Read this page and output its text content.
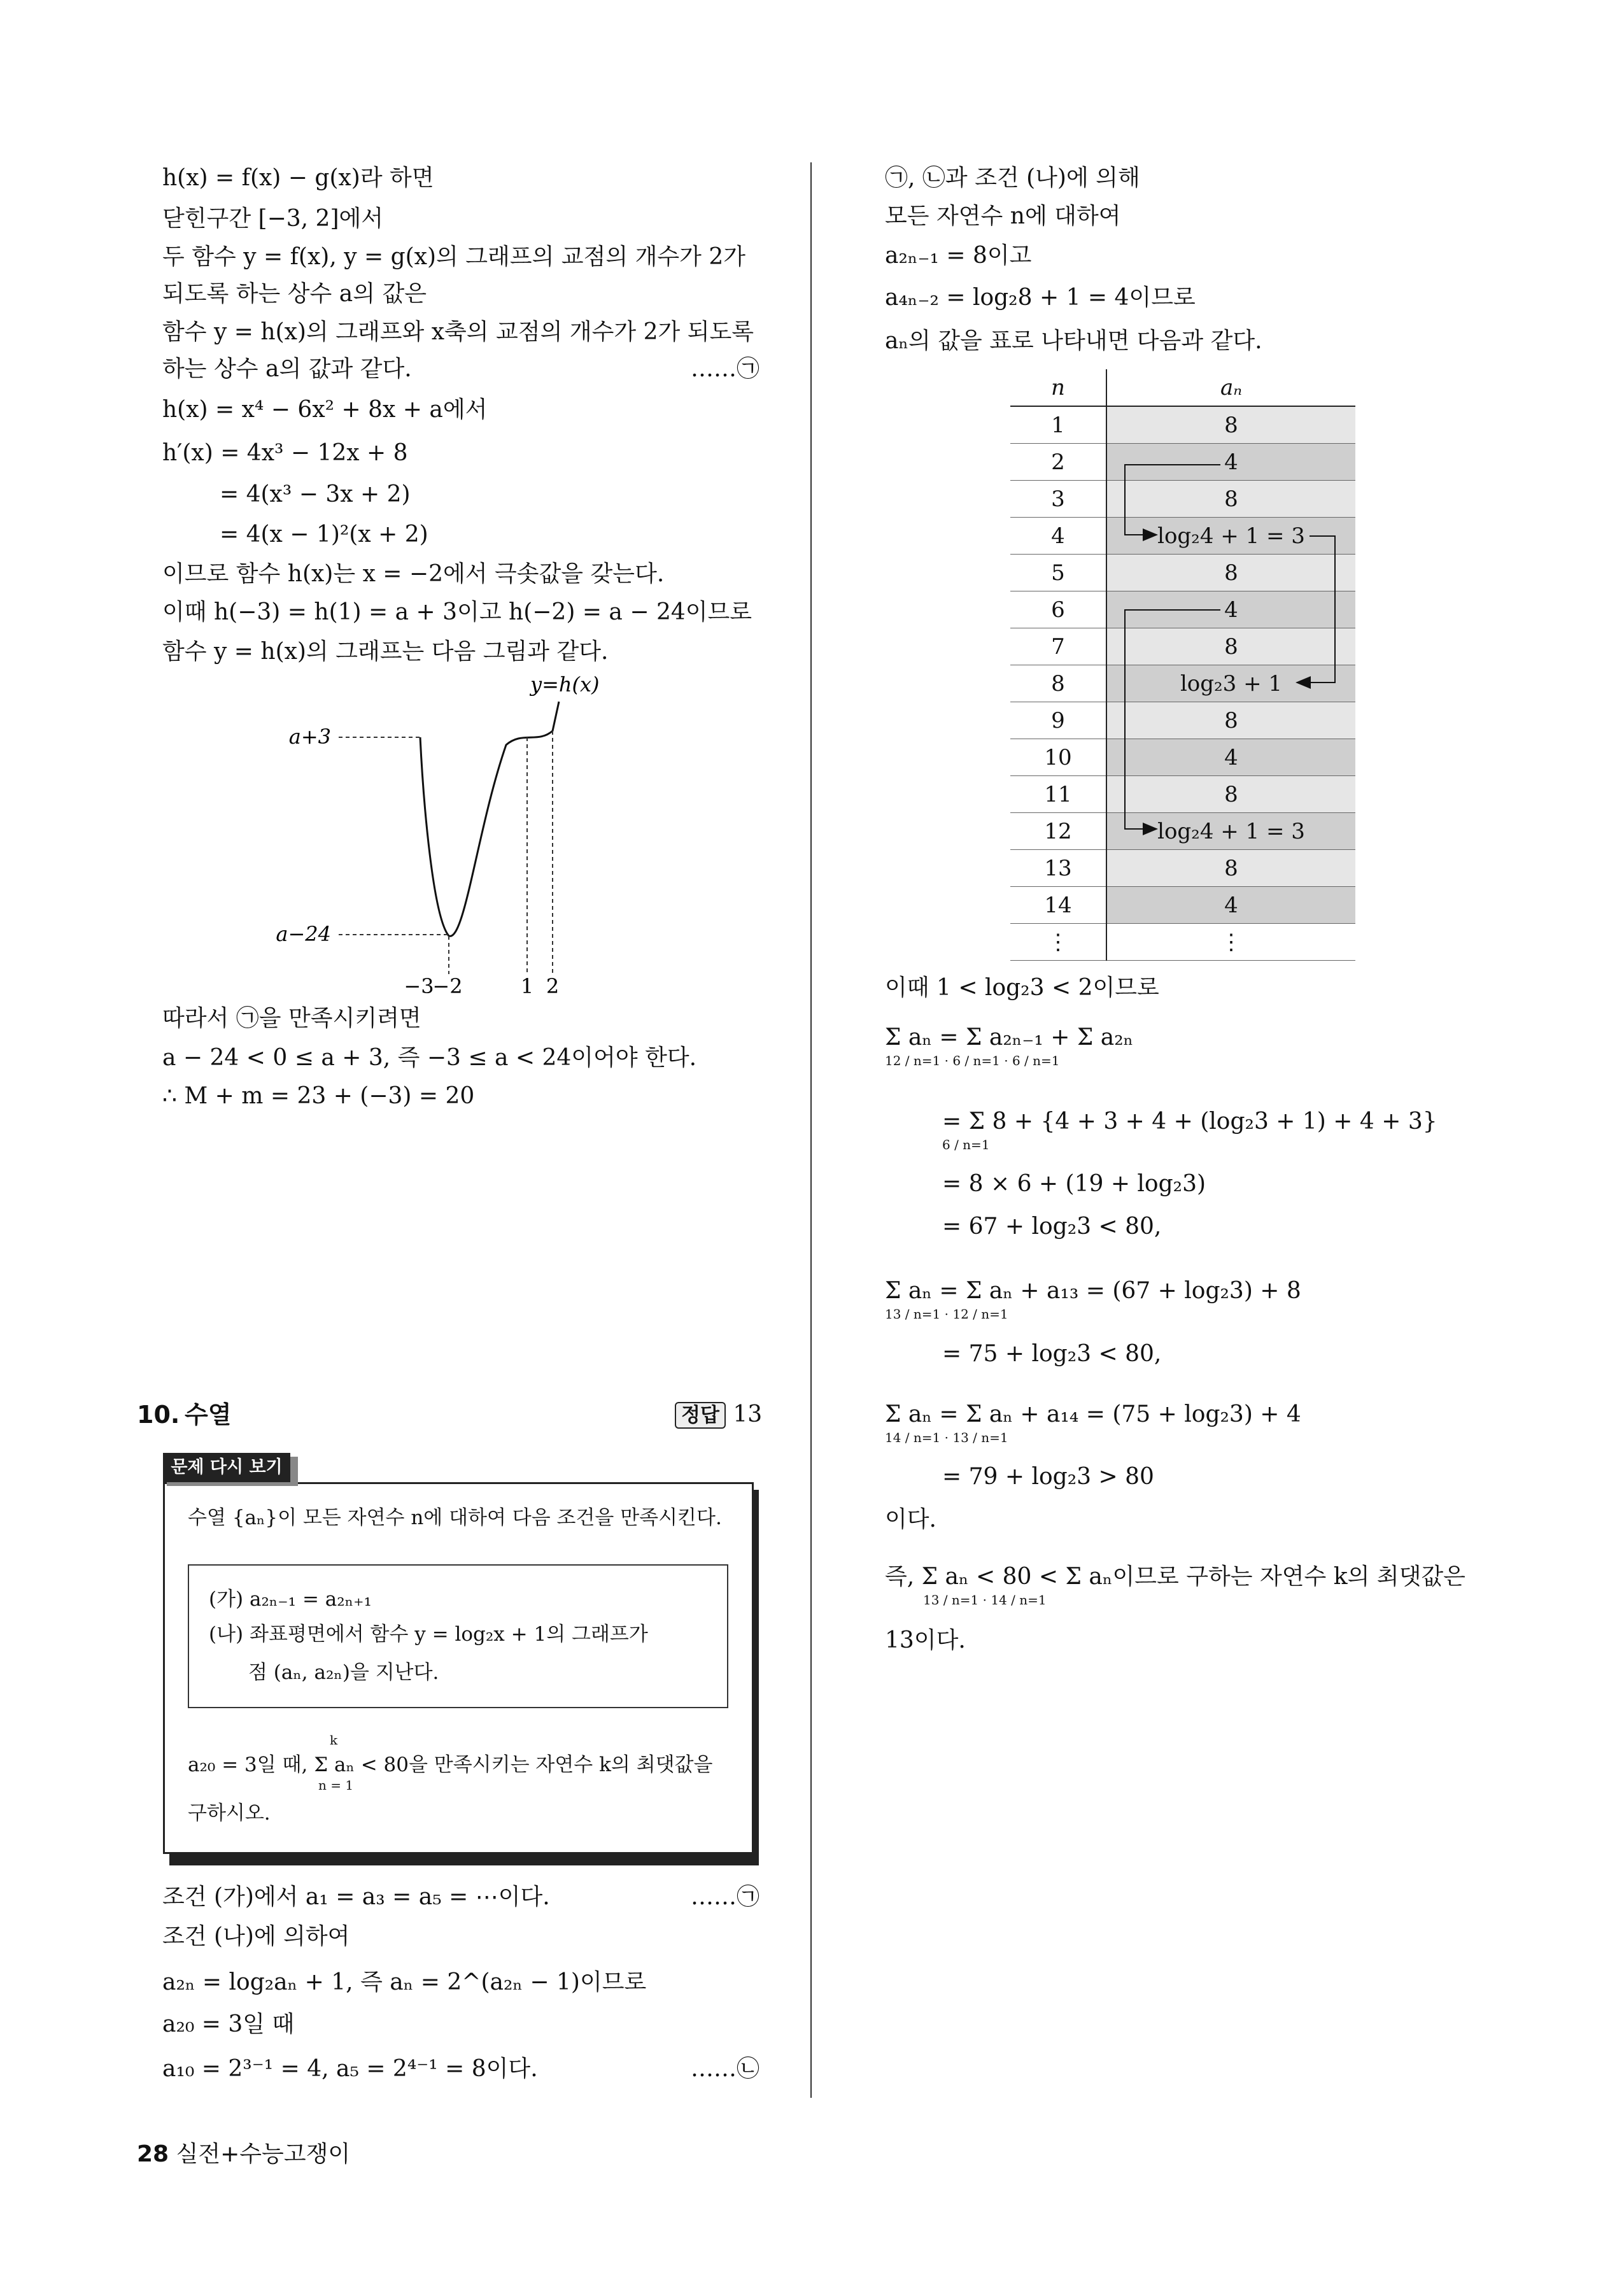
h(x) = f(x) − g(x)라 하면
닫힌구간 [−3, 2]에서
두 함수 y = f(x), y = g(x)의 그래프의 교점의 개수가 2가
되도록 하는 상수 a의 값은
함수 y = h(x)의 그래프와 x축의 교점의 개수가 2가 되도록
하는 상수 a의 값과 같다.	……㉠
h(x) = x⁴ − 6x² + 8x + a에서
h′(x) = 4x³ − 12x + 8
= 4(x³ − 3x + 2)
= 4(x − 1)²(x + 2)
이므로 함수 h(x)는 x = −2에서 극솟값을 갖는다.
이때 h(−3) = h(1) = a + 3이고 h(−2) = a − 24이므로
함수 y = h(x)의 그래프는 다음 그림과 같다.
y=h(x)
a+3
a−24
−3
−2	1 2
따라서 ㉠을 만족시키려면
a − 24 < 0 ≤ a + 3, 즉 −3 ≤ a < 24이어야 한다.
∴ M + m = 23 + (−3) = 20
10. 수열	정답 13
문제 다시 보기
수열 {aₙ}이 모든 자연수 n에 대하여 다음 조건을 만족시킨다.
(가) a₂ₙ₋₁ = a₂ₙ₊₁
(나) 좌표평면에서 함수 y = log₂x + 1의 그래프가
점 (aₙ, a₂ₙ)을 지난다.
k
a₂₀ = 3일 때, Σ aₙ < 80을 만족시키는 자연수 k의 최댓값을
n = 1
구하시오.
조건 (가)에서 a₁ = a₃ = a₅ = ⋯이다.	……㉠
조건 (나)에 의하여
a₂ₙ = log₂aₙ + 1, 즉 aₙ = 2^(a₂ₙ − 1)이므로
a₂₀ = 3일 때
a₁₀ = 2³⁻¹ = 4, a₅ = 2⁴⁻¹ = 8이다.	……㉡
㉠, ㉡과 조건 (나)에 의해
모든 자연수 n에 대하여
a₂ₙ₋₁ = 8이고
a₄ₙ₋₂ = log₂8 + 1 = 4이므로
aₙ의 값을 표로 나타내면 다음과 같다.
n	aₙ
1	8
2	4
3	8
4	log₂4 + 1 = 3
5	8
6	4
7	8
8	log₂3 + 1
9	8
10	4
11	8
12	log₂4 + 1 = 3
13	8
14	4
⋮	⋮
이때 1 < log₂3 < 2이므로
Σ aₙ = Σ a₂ₙ₋₁ + Σ a₂ₙ
12 / n=1 · 6 / n=1 · 6 / n=1
= Σ 8 + {4 + 3 + 4 + (log₂3 + 1) + 4 + 3}
6 / n=1
= 8 × 6 + (19 + log₂3)
= 67 + log₂3 < 80,
Σ aₙ = Σ aₙ + a₁₃ = (67 + log₂3) + 8
13 / n=1 · 12 / n=1
= 75 + log₂3 < 80,
Σ aₙ = Σ aₙ + a₁₄ = (75 + log₂3) + 4
14 / n=1 · 13 / n=1
= 79 + log₂3 > 80
이다.
즉, Σ aₙ < 80 < Σ aₙ이므로 구하는 자연수 k의 최댓값은
13 / n=1 · 14 / n=1
13이다.
28 실전+수능고쟁이
